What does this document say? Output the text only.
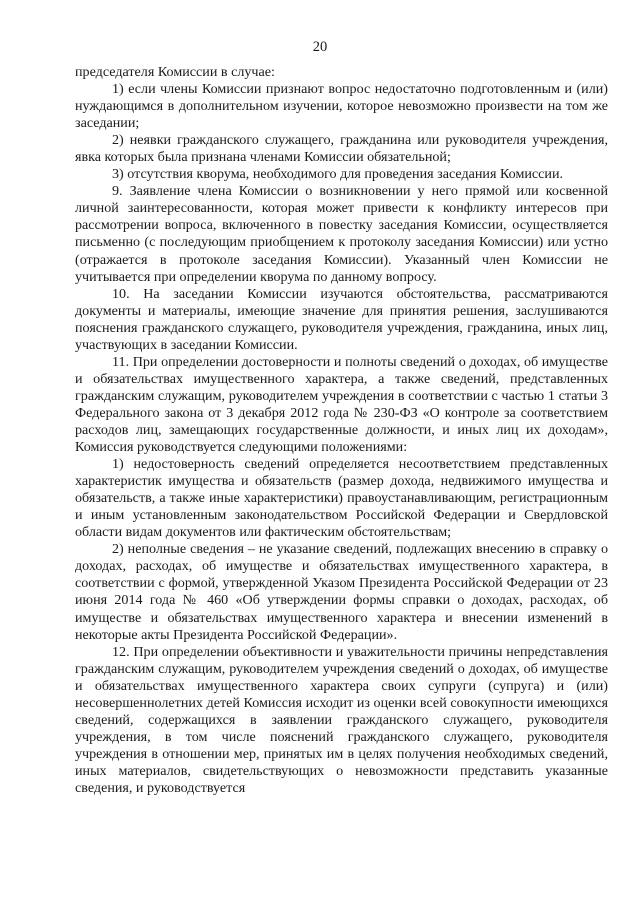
20

председателя Комиссии в случае:

1) если члены Комиссии признают вопрос недостаточно подготовленным и (или) нуждающимся в дополнительном изучении, которое невозможно произвести на том же заседании;

2) неявки гражданского служащего, гражданина или руководителя учреждения, явка которых была признана членами Комиссии обязательной;

3) отсутствия кворума, необходимого для проведения заседания Комиссии.

9. Заявление члена Комиссии о возникновении у него прямой или косвенной личной заинтересованности, которая может привести к конфликту интересов при рассмотрении вопроса, включенного в повестку заседания Комиссии, осуществляется письменно (с последующим приобщением к протоколу заседания Комиссии) или устно (отражается в протоколе заседания Комиссии). Указанный член Комиссии не учитывается при определении кворума по данному вопросу.

10. На заседании Комиссии изучаются обстоятельства, рассматриваются документы и материалы, имеющие значение для принятия решения, заслушиваются пояснения гражданского служащего, руководителя учреждения, гражданина, иных лиц, участвующих в заседании Комиссии.

11. При определении достоверности и полноты сведений о доходах, об имуществе и обязательствах имущественного характера, а также сведений, представленных гражданским служащим, руководителем учреждения в соответствии с частью 1 статьи 3 Федерального закона от 3 декабря 2012 года № 230-ФЗ «О контроле за соответствием расходов лиц, замещающих государственные должности, и иных лиц их доходам», Комиссия руководствуется следующими положениями:

1) недостоверность сведений определяется несоответствием представленных характеристик имущества и обязательств (размер дохода, недвижимого имущества и обязательств, а также иные характеристики) правоустанавливающим, регистрационным и иным установленным законодательством Российской Федерации и Свердловской области видам документов или фактическим обстоятельствам;

2) неполные сведения – не указание сведений, подлежащих внесению в справку о доходах, расходах, об имуществе и обязательствах имущественного характера, в соответствии с формой, утвержденной Указом Президента Российской Федерации от 23 июня 2014 года № 460 «Об утверждении формы справки о доходах, расходах, об имуществе и обязательствах имущественного характера и внесении изменений в некоторые акты Президента Российской Федерации».

12. При определении объективности и уважительности причины непредставления гражданским служащим, руководителем учреждения сведений о доходах, об имуществе и обязательствах имущественного характера своих супруги (супруга) и (или) несовершеннолетних детей Комиссия исходит из оценки всей совокупности имеющихся сведений, содержащихся в заявлении гражданского служащего, руководителя учреждения, в том числе пояснений гражданского служащего, руководителя учреждения в отношении мер, принятых им в целях получения необходимых сведений, иных материалов, свидетельствующих о невозможности представить указанные сведения, и руководствуется
